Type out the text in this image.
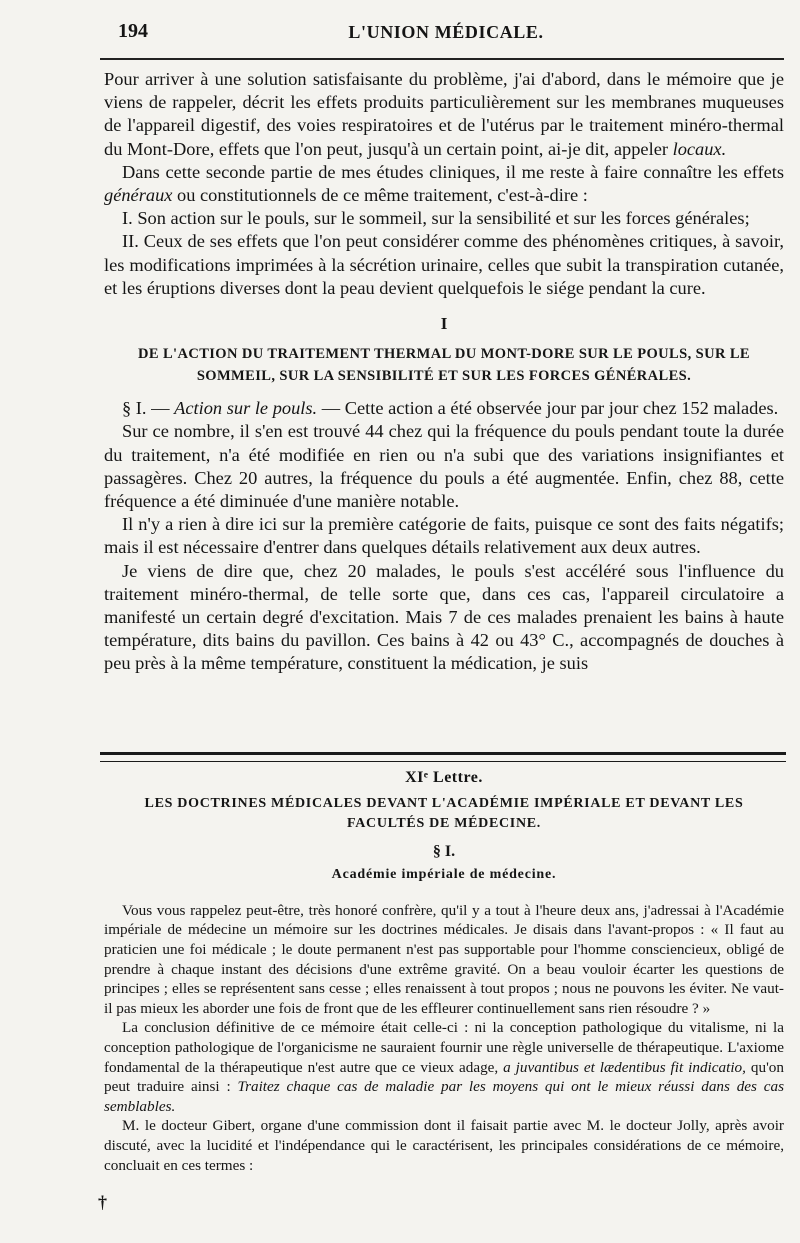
194	L'UNION MÉDICALE.

Pour arriver à une solution satisfaisante du problème, j'ai d'abord, dans le mémoire que je viens de rappeler, décrit les effets produits particulièrement sur les membranes muqueuses de l'appareil digestif, des voies respiratoires et de l'utérus par le traitement minéro-thermal du Mont-Dore, effets que l'on peut, jusqu'à un certain point, ai-je dit, appeler locaux.

Dans cette seconde partie de mes études cliniques, il me reste à faire connaître les effets généraux ou constitutionnels de ce même traitement, c'est-à-dire :

I. Son action sur le pouls, sur le sommeil, sur la sensibilité et sur les forces générales;

II. Ceux de ses effets que l'on peut considérer comme des phénomènes critiques, à savoir, les modifications imprimées à la sécrétion urinaire, celles que subit la transpiration cutanée, et les éruptions diverses dont la peau devient quelquefois le siége pendant la cure.

I
DE L'ACTION DU TRAITEMENT THERMAL DU MONT-DORE SUR LE POULS, SUR LE SOMMEIL, SUR LA SENSIBILITÉ ET SUR LES FORCES GÉNÉRALES.

§ I. — Action sur le pouls. — Cette action a été observée jour par jour chez 152 malades.

Sur ce nombre, il s'en est trouvé 44 chez qui la fréquence du pouls pendant toute la durée du traitement, n'a été modifiée en rien ou n'a subi que des variations insignifiantes et passagères. Chez 20 autres, la fréquence du pouls a été augmentée. Enfin, chez 88, cette fréquence a été diminuée d'une manière notable.

Il n'y a rien à dire ici sur la première catégorie de faits, puisque ce sont des faits négatifs; mais il est nécessaire d'entrer dans quelques détails relativement aux deux autres.

Je viens de dire que, chez 20 malades, le pouls s'est accéléré sous l'influence du traitement minéro-thermal, de telle sorte que, dans ces cas, l'appareil circulatoire a manifesté un certain degré d'excitation. Mais 7 de ces malades prenaient les bains à haute température, dits bains du pavillon. Ces bains à 42 ou 43° C., accompagnés de douches à peu près à la même température, constituent la médication, je suis

XIᵉ Lettre.
LES DOCTRINES MÉDICALES DEVANT L'ACADÉMIE IMPÉRIALE ET DEVANT LES FACULTÉS DE MÉDECINE.
§ I.
Académie impériale de médecine.

Vous vous rappelez peut-être, très honoré confrère, qu'il y a tout à l'heure deux ans, j'adressai à l'Académie impériale de médecine un mémoire sur les doctrines médicales. Je disais dans l'avant-propos : « Il faut au praticien une foi médicale ; le doute permanent n'est pas supportable pour l'homme consciencieux, obligé de prendre à chaque instant des décisions d'une extrême gravité. On a beau vouloir écarter les questions de principes ; elles se représentent sans cesse ; elles renaissent à tout propos ; nous ne pouvons les éviter. Ne vaut-il pas mieux les aborder une fois de front que de les effleurer continuellement sans rien résoudre ? »

La conclusion définitive de ce mémoire était celle-ci : ni la conception pathologique du vitalisme, ni la conception pathologique de l'organicisme ne sauraient fournir une règle universelle de thérapeutique. L'axiome fondamental de la thérapeutique n'est autre que ce vieux adage, a juvantibus et lædentibus fit indicatio, qu'on peut traduire ainsi : Traitez chaque cas de maladie par les moyens qui ont le mieux réussi dans des cas semblables.

M. le docteur Gibert, organe d'une commission dont il faisait partie avec M. le docteur Jolly, après avoir discuté, avec la lucidité et l'indépendance qui le caractérisent, les principales considérations de ce mémoire, concluait en ces termes :

†
